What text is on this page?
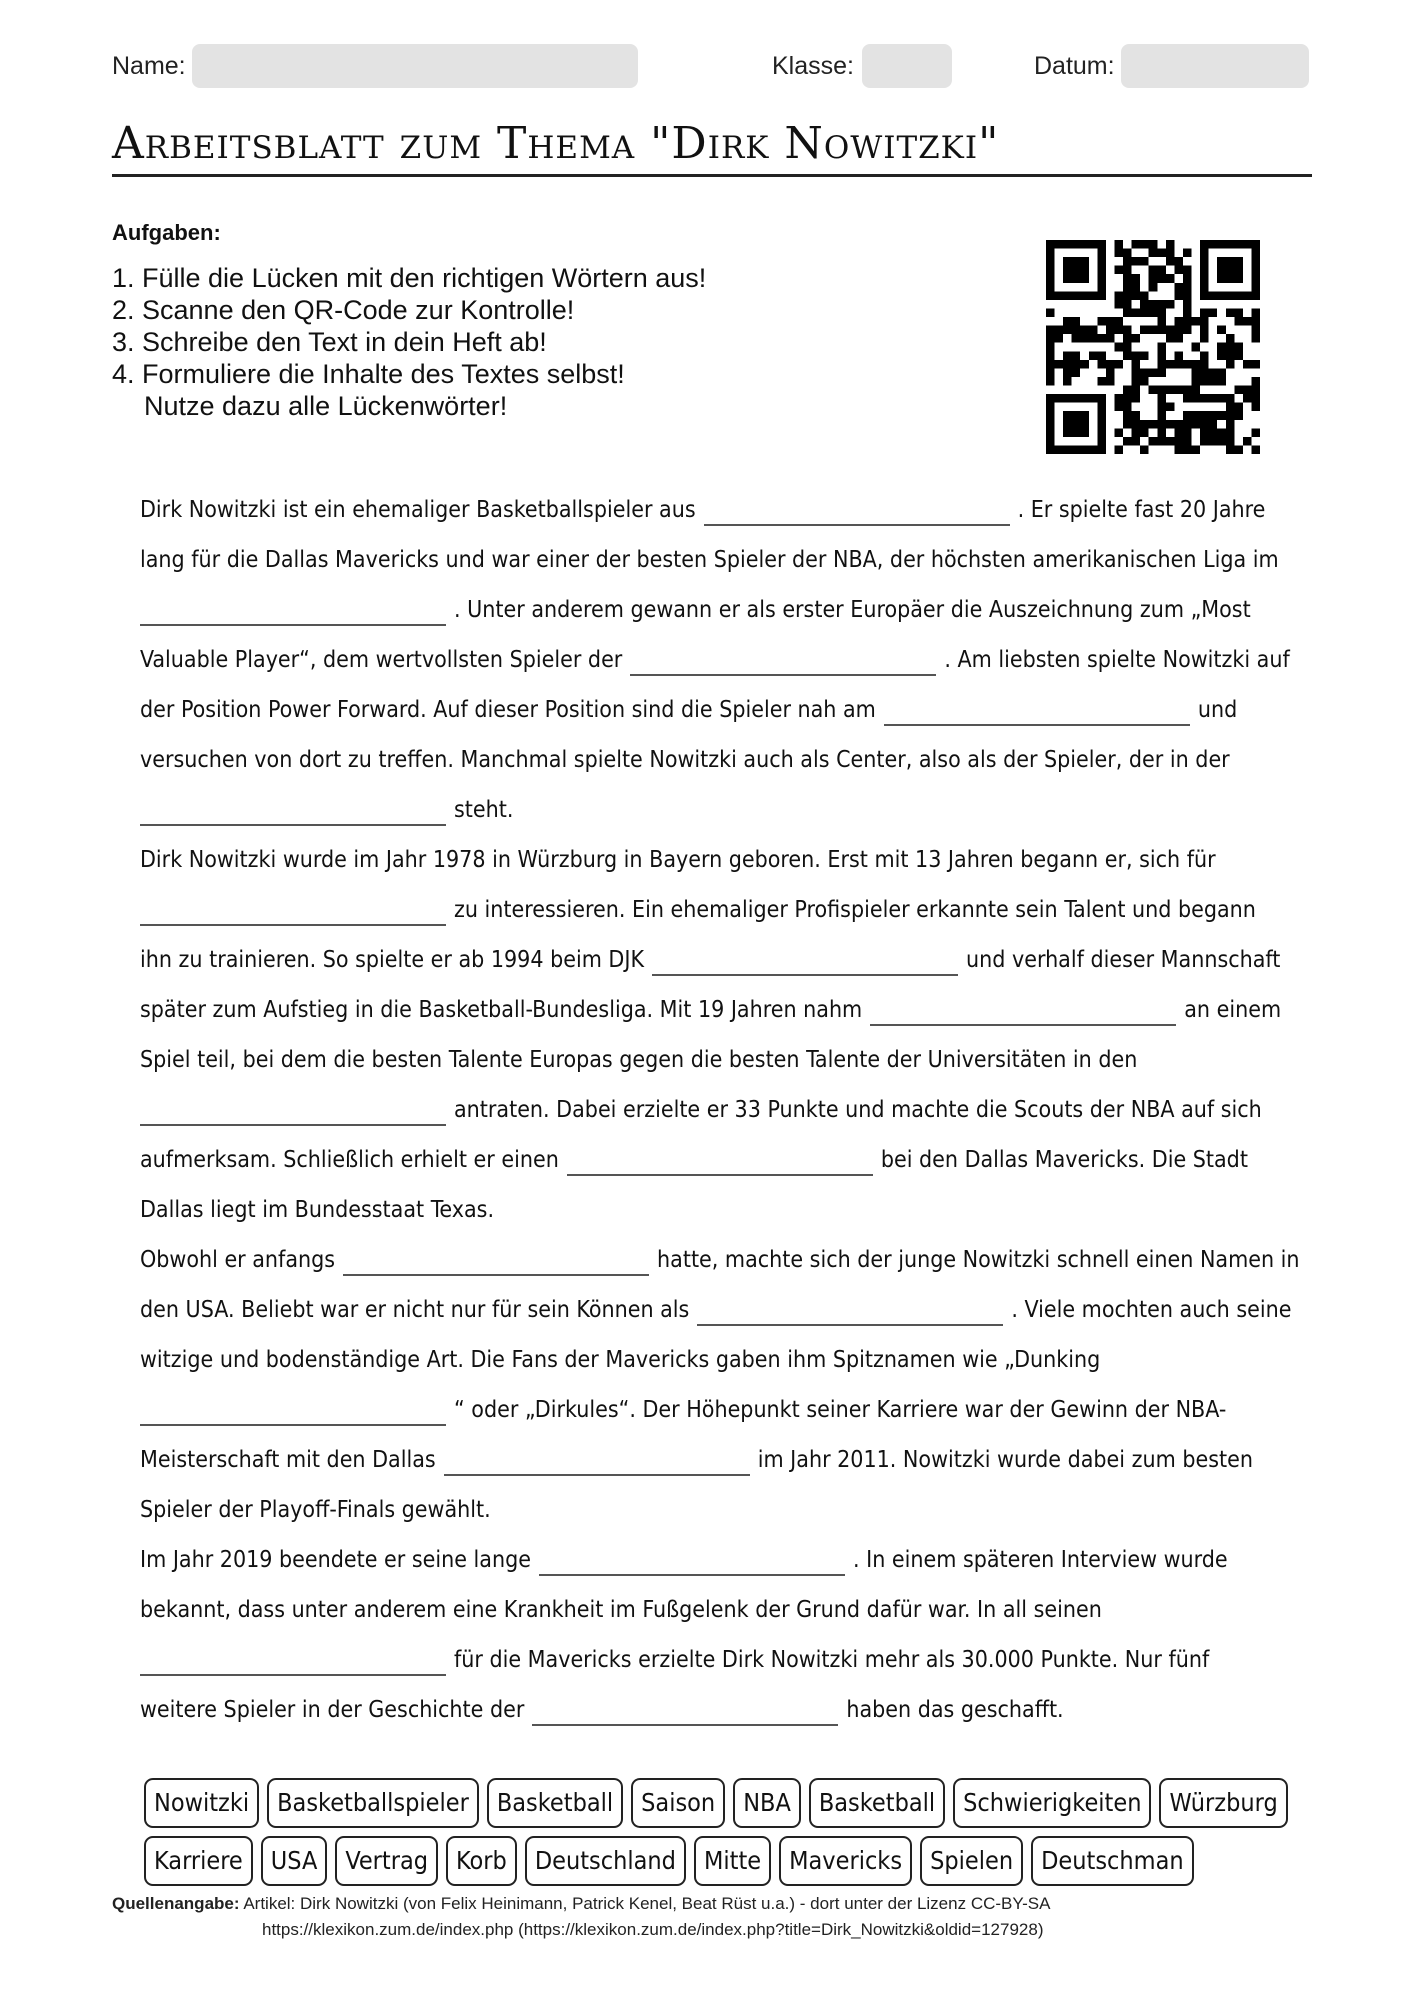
Name:	Klasse:	Datum:
Arbeitsblatt zum Thema "Dirk Nowitzki"
Aufgaben:
1. Fülle die Lücken mit den richtigen Wörtern aus!
2. Scanne den QR-Code zur Kontrolle!
3. Schreibe den Text in dein Heft ab!
4. Formuliere die Inhalte des Textes selbst!
Nutze dazu alle Lückenwörter!
Dirk Nowitzki ist ein ehemaliger Basketballspieler aus	. Er spielte fast 20 Jahre
lang für die Dallas Mavericks und war einer der besten Spieler der NBA, der höchsten amerikanischen Liga im
. Unter anderem gewann er als erster Europäer die Auszeichnung zum „Most
Valuable Player“, dem wertvollsten Spieler der	. Am liebsten spielte Nowitzki auf
der Position Power Forward. Auf dieser Position sind die Spieler nah am	und
versuchen von dort zu treffen. Manchmal spielte Nowitzki auch als Center, also als der Spieler, der in der
steht.
Dirk Nowitzki wurde im Jahr 1978 in Würzburg in Bayern geboren. Erst mit 13 Jahren begann er, sich für
zu interessieren. Ein ehemaliger Profispieler erkannte sein Talent und begann
ihn zu trainieren. So spielte er ab 1994 beim DJK	und verhalf dieser Mannschaft
später zum Aufstieg in die Basketball-Bundesliga. Mit 19 Jahren nahm	an einem
Spiel teil, bei dem die besten Talente Europas gegen die besten Talente der Universitäten in den
antraten. Dabei erzielte er 33 Punkte und machte die Scouts der NBA auf sich
aufmerksam. Schließlich erhielt er einen	bei den Dallas Mavericks. Die Stadt
Dallas liegt im Bundesstaat Texas.
Obwohl er anfangs	hatte, machte sich der junge Nowitzki schnell einen Namen in
den USA. Beliebt war er nicht nur für sein Können als	. Viele mochten auch seine
witzige und bodenständige Art. Die Fans der Mavericks gaben ihm Spitznamen wie „Dunking
“ oder „Dirkules“. Der Höhepunkt seiner Karriere war der Gewinn der NBA-
Meisterschaft mit den Dallas	im Jahr 2011. Nowitzki wurde dabei zum besten
Spieler der Playoff-Finals gewählt.
Im Jahr 2019 beendete er seine lange	. In einem späteren Interview wurde
bekannt, dass unter anderem eine Krankheit im Fußgelenk der Grund dafür war. In all seinen
für die Mavericks erzielte Dirk Nowitzki mehr als 30.000 Punkte. Nur fünf
weitere Spieler in der Geschichte der	haben das geschafft.
Nowitzki	Basketballspieler	Basketball	Saison	NBA	Basketball	Schwierigkeiten	Würzburg
Karriere	USA	Vertrag	Korb	Deutschland	Mitte	Mavericks	Spielen	Deutschman
Quellenangabe: Artikel: Dirk Nowitzki (von Felix Heinimann, Patrick Kenel, Beat Rüst u.a.) - dort unter der Lizenz CC-BY-SA
https://klexikon.zum.de/index.php (https://klexikon.zum.de/index.php?title=Dirk_Nowitzki&oldid=127928)
